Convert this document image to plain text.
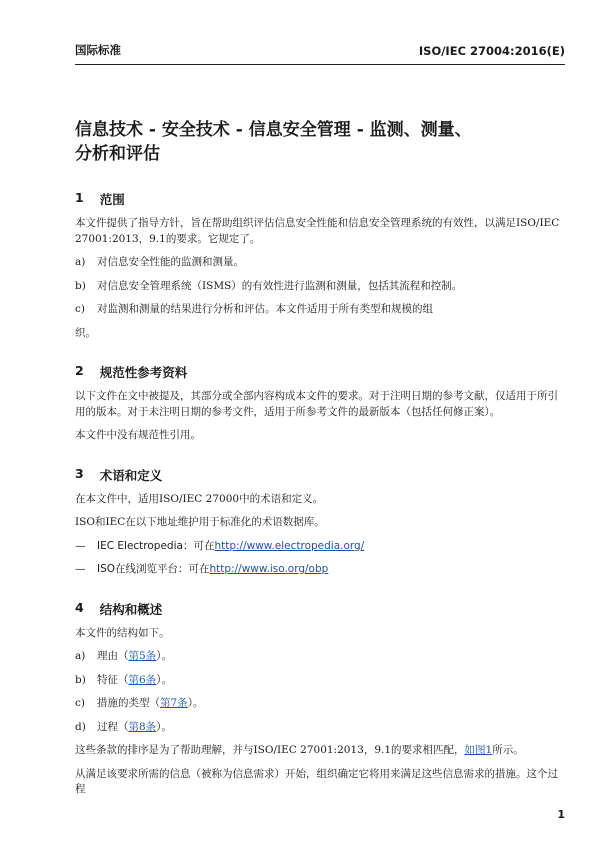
国际标准	ISO/IEC 27004:2016(E)
信息技术 - 安全技术 - 信息安全管理 - 监测、测量、
分析和评估
1 范围

本文件提供了指导方针，旨在帮助组织评估信息安全性能和信息安全管理系统的有效性，以满足ISO/IEC 27001:2013，9.1的要求。它规定了。

a)	对信息安全性能的监测和测量。
b)	对信息安全管理系统（ISMS）的有效性进行监测和测量，包括其流程和控制。
c)	对监测和测量的结果进行分析和评估。本文件适用于所有类型和规模的组

织。

2 规范性参考资料

以下文件在文中被提及，其部分或全部内容构成本文件的要求。对于注明日期的参考文献，仅适用于所引用的版本。对于未注明日期的参考文件，适用于所参考文件的最新版本（包括任何修正案）。

本文件中没有规范性引用。

3 术语和定义

在本文件中，适用ISO/IEC 27000中的术语和定义。

ISO和IEC在以下地址维护用于标准化的术语数据库。

—	IEC Electropedia：可在http://www.electropedia.org/
—	ISO在线浏览平台：可在http://www.iso.org/obp
4 结构和概述

本文件的结构如下。

a)	理由（第5条）。
b)	特征（第6条）。
c)	措施的类型（第7条）。
d)	过程（第8条）。

这些条款的排序是为了帮助理解，并与ISO/IEC 27001:2013，9.1的要求相匹配，如图1所示。

从满足该要求所需的信息（被称为信息需求）开始，组织确定它将用来满足这些信息需求的措施。这个过程

1
